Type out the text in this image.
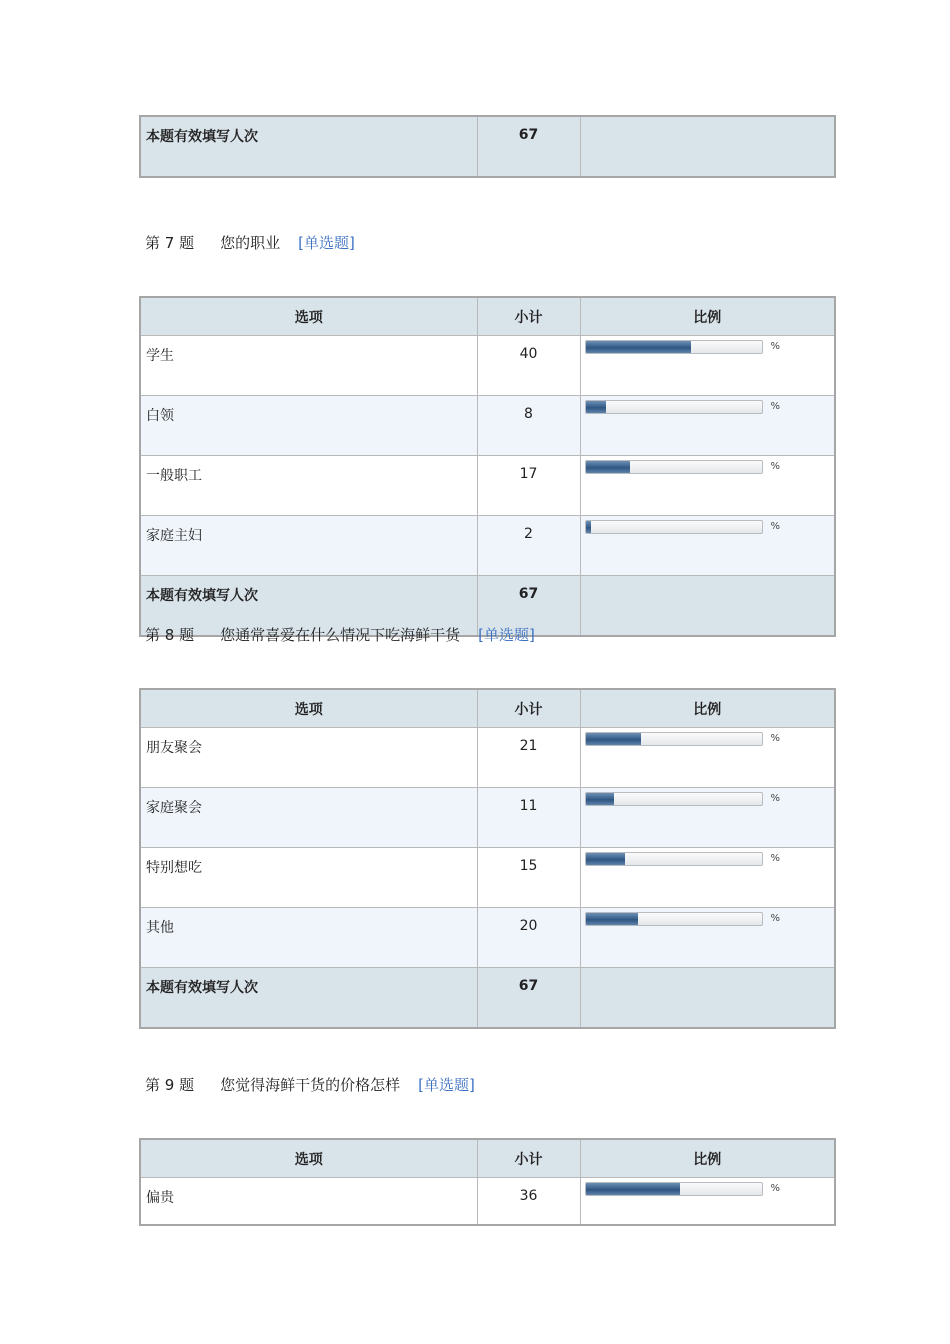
本题有效填写人次	67	
第 7 题 您的职业 [单选题]
选项	小计	比例
学生	40	%

白领	8	%

一般职工	17	%

家庭主妇	2	%

本题有效填写人次	67	
第 8 题 您通常喜爱在什么情况下吃海鲜干货 [单选题]
选项	小计	比例
朋友聚会	21	%

家庭聚会	11	%

特别想吃	15	%

其他	20	%

本题有效填写人次	67	
第 9 题 您觉得海鲜干货的价格怎样 [单选题]
选项	小计	比例
偏贵	36	%
